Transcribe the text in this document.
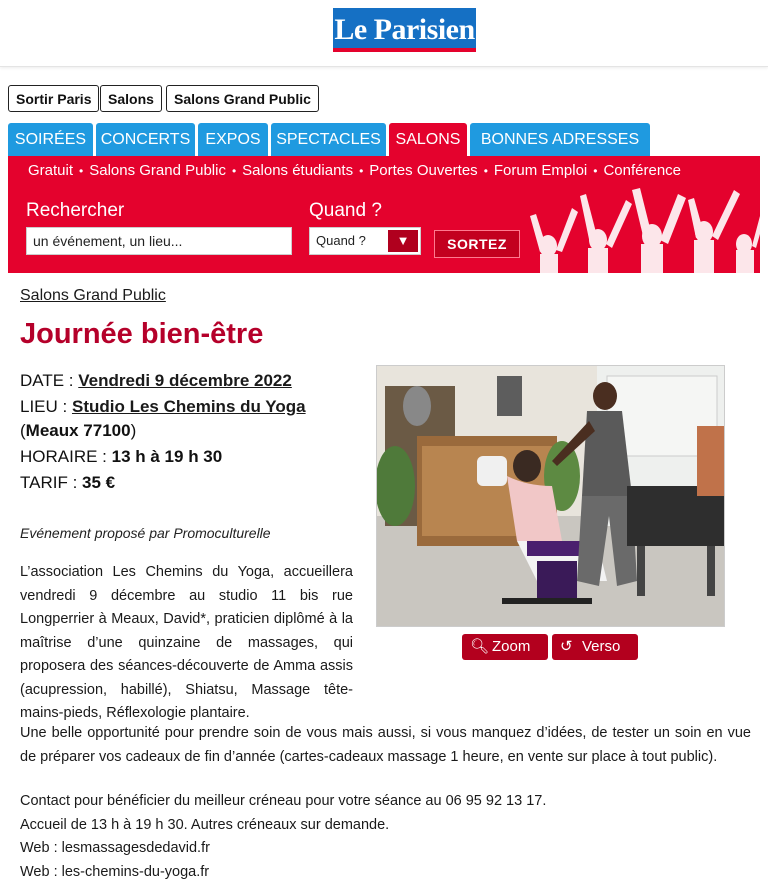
Le Parisien
Sortir Paris	Salons	Salons Grand Public
SOIRÉES CONCERTS EXPOS SPECTACLES SALONS	BONNES ADRESSES
Gratuit • Salons Grand Public • Salons étudiants • Portes Ouvertes • Forum Emploi • Conférence
Rechercher
un événement, un lieu...
Quand ?
Quand ?	▼	SORTEZ
Salons Grand Public
Journée bien-être
DATE : Vendredi 9 décembre 2022
LIEU : Studio Les Chemins du Yoga
(Meaux 77100)
HORAIRE : 13 h à 19 h 30
TARIF : 35 €
🔍︎ Zoom	↺ Verso
Evénement proposé par Promoculturelle
L’association Les Chemins du Yoga, accueillera vendredi 9 décembre au studio 11 bis rue Longperrier à Meaux, David*, praticien diplômé à la maîtrise d’une quinzaine de massages, qui proposera des séances-découverte de Amma assis (acupression, habillé), Shiatsu, Massage tête-mains-pieds, Réflexologie plantaire.
Une belle opportunité pour prendre soin de vous mais aussi, si vous manquez d’idées, de tester un soin en vue de préparer vos cadeaux de fin d’année (cartes-cadeaux massage 1 heure, en vente sur place à tout public).
Contact pour bénéficier du meilleur créneau pour votre séance au 06 95 92 13 17.
Accueil de 13 h à 19 h 30. Autres créneaux sur demande.
Web : lesmassagesdedavid.fr
Web : les-chemins-du-yoga.fr
